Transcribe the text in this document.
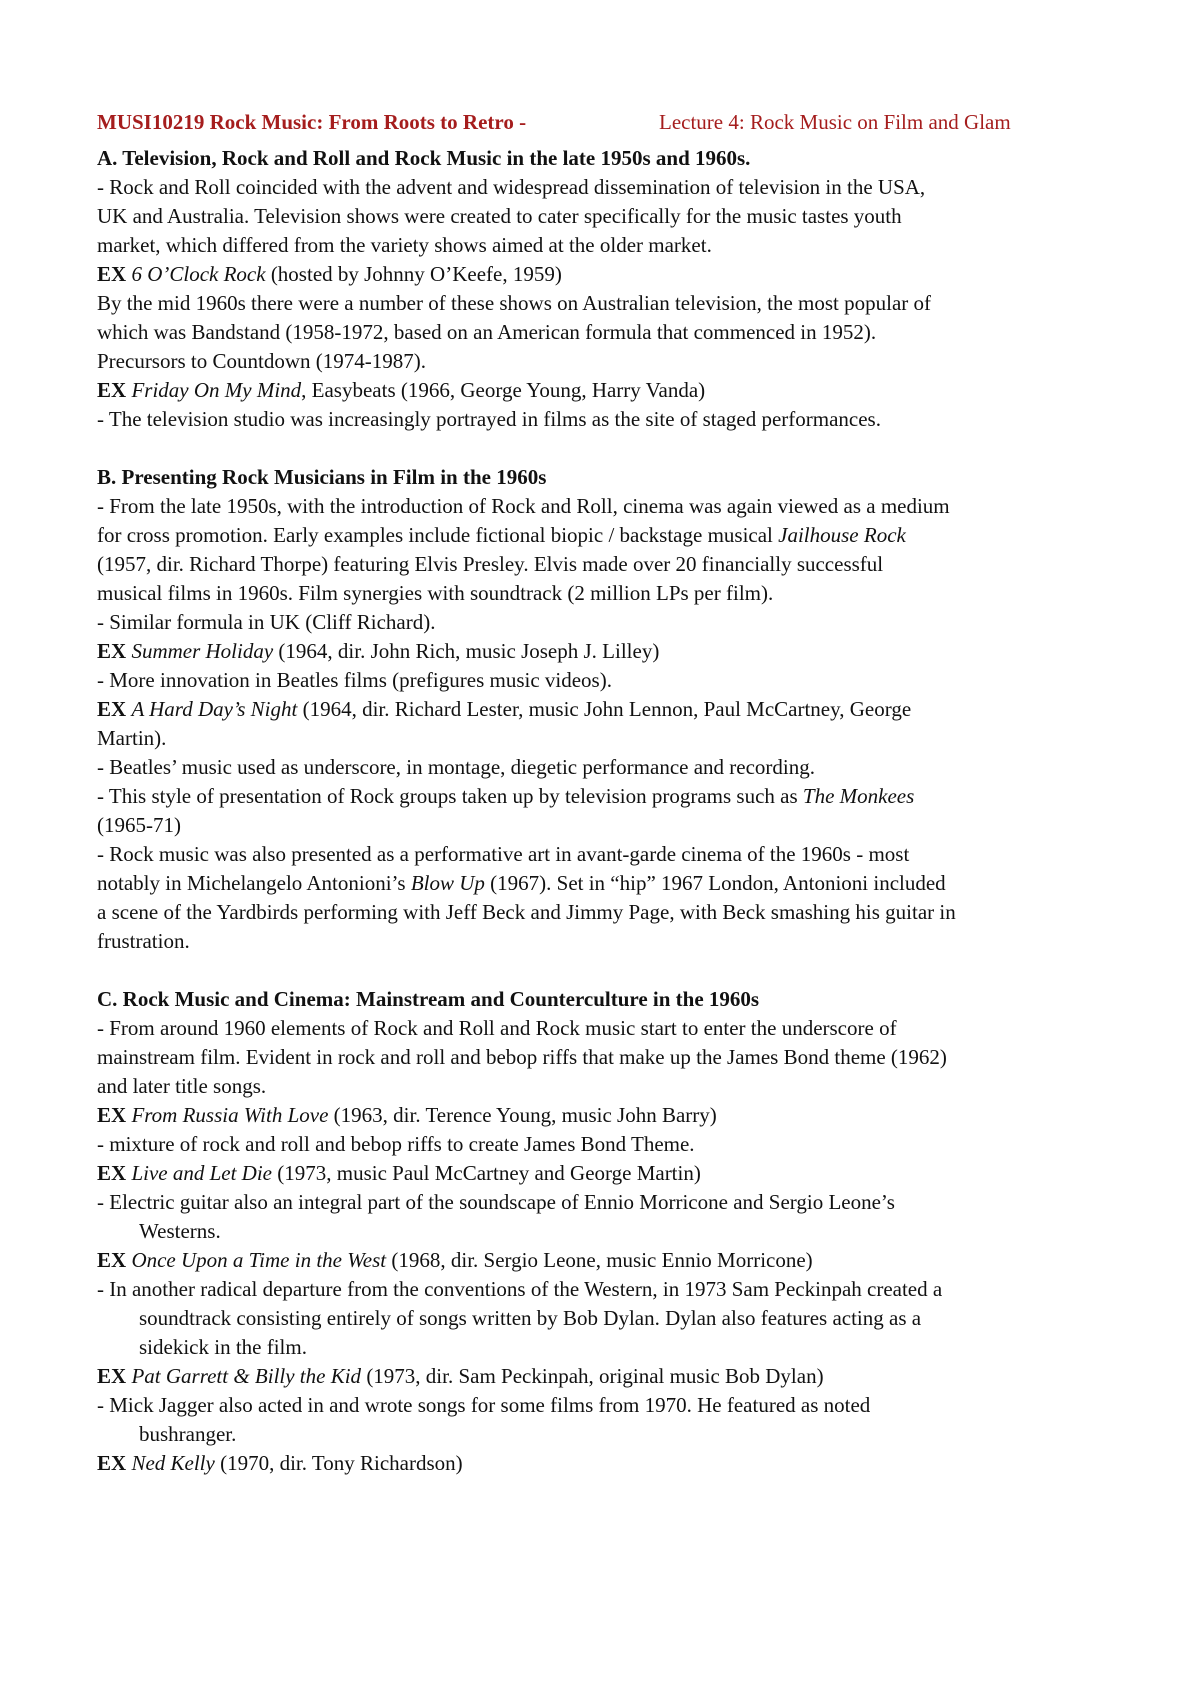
MUSI10219 Rock Music: From Roots to Retro -	Lecture 4: Rock Music on Film and Glam
A. Television, Rock and Roll and Rock Music in the late 1950s and 1960s.
- Rock and Roll coincided with the advent and widespread dissemination of television in the USA,
UK and Australia. Television shows were created to cater specifically for the music tastes youth
market, which differed from the variety shows aimed at the older market.
EX 6 O’Clock Rock (hosted by Johnny O’Keefe, 1959)
By the mid 1960s there were a number of these shows on Australian television, the most popular of
which was Bandstand (1958-1972, based on an American formula that commenced in 1952).
Precursors to Countdown (1974-1987).
EX Friday On My Mind, Easybeats (1966, George Young, Harry Vanda)
- The television studio was increasingly portrayed in films as the site of staged performances.
B. Presenting Rock Musicians in Film in the 1960s
- From the late 1950s, with the introduction of Rock and Roll, cinema was again viewed as a medium
for cross promotion. Early examples include fictional biopic / backstage musical Jailhouse Rock
(1957, dir. Richard Thorpe) featuring Elvis Presley. Elvis made over 20 financially successful
musical films in 1960s. Film synergies with soundtrack (2 million LPs per film).
- Similar formula in UK (Cliff Richard).
EX Summer Holiday (1964, dir. John Rich, music Joseph J. Lilley)
- More innovation in Beatles films (prefigures music videos).
EX A Hard Day’s Night (1964, dir. Richard Lester, music John Lennon, Paul McCartney, George
Martin).
- Beatles’ music used as underscore, in montage, diegetic performance and recording.
- This style of presentation of Rock groups taken up by television programs such as The Monkees
(1965-71)
- Rock music was also presented as a performative art in avant-garde cinema of the 1960s - most
notably in Michelangelo Antonioni’s Blow Up (1967). Set in “hip” 1967 London, Antonioni included
a scene of the Yardbirds performing with Jeff Beck and Jimmy Page, with Beck smashing his guitar in
frustration.
C. Rock Music and Cinema: Mainstream and Counterculture in the 1960s
- From around 1960 elements of Rock and Roll and Rock music start to enter the underscore of
mainstream film. Evident in rock and roll and bebop riffs that make up the James Bond theme (1962)
and later title songs.
EX From Russia With Love (1963, dir. Terence Young, music John Barry)
- mixture of rock and roll and bebop riffs to create James Bond Theme.
EX Live and Let Die (1973, music Paul McCartney and George Martin)
- Electric guitar also an integral part of the soundscape of Ennio Morricone and Sergio Leone’s
Westerns.
EX Once Upon a Time in the West (1968, dir. Sergio Leone, music Ennio Morricone)
- In another radical departure from the conventions of the Western, in 1973 Sam Peckinpah created a
soundtrack consisting entirely of songs written by Bob Dylan. Dylan also features acting as a
sidekick in the film.
EX Pat Garrett & Billy the Kid (1973, dir. Sam Peckinpah, original music Bob Dylan)
- Mick Jagger also acted in and wrote songs for some films from 1970. He featured as noted
bushranger.
EX Ned Kelly (1970, dir. Tony Richardson)
